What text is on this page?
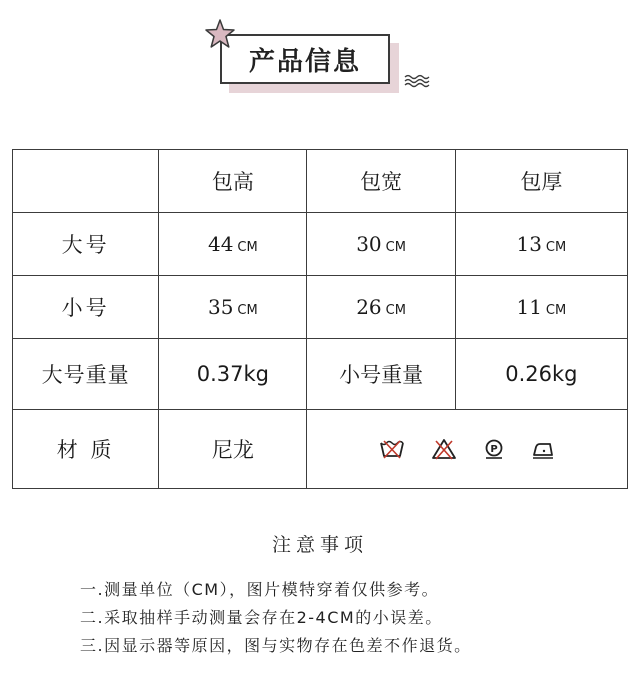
产品信息
	包高	包宽	包厚
大号	44 CM	30 CM	13 CM
小号	35 CM	26 CM	11 CM
大号重量	0.37kg	小号重量	0.26kg
材 质	尼龙	P	
注意事项
一.测量单位（CM），图片模特穿着仅供参考。
二.采取抽样手动测量会存在2-4CM的小误差。
三.因显示器等原因，图与实物存在色差不作退货。
